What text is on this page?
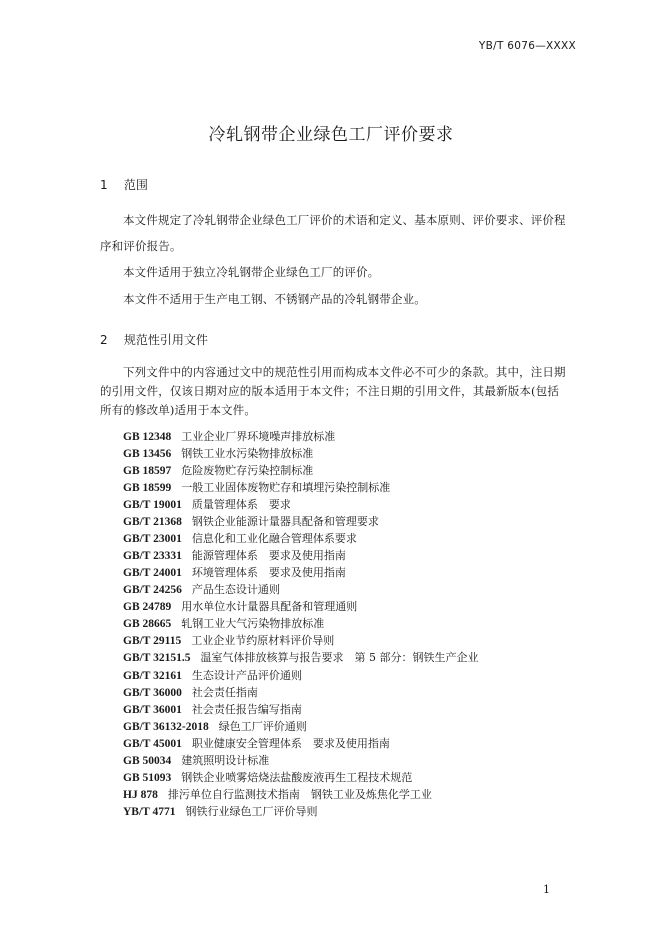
YB/T 6076—XXXX
冷轧钢带企业绿色工厂评价要求
1 范围
本文件规定了冷轧钢带企业绿色工厂评价的术语和定义、基本原则、评价要求、评价程
序和评价报告。
本文件适用于独立冷轧钢带企业绿色工厂的评价。
本文件不适用于生产电工钢、不锈钢产品的冷轧钢带企业。
2 规范性引用文件
下列文件中的内容通过文中的规范性引用而构成本文件必不可少的条款。其中，注日期
的引用文件，仅该日期对应的版本适用于本文件；不注日期的引用文件，其最新版本(包括
所有的修改单)适用于本文件。
GB 12348 工业企业厂界环境噪声排放标准
GB 13456 钢铁工业水污染物排放标准
GB 18597 危险废物贮存污染控制标准
GB 18599 一般工业固体废物贮存和填埋污染控制标准
GB/T 19001 质量管理体系　要求
GB/T 21368 钢铁企业能源计量器具配备和管理要求
GB/T 23001 信息化和工业化融合管理体系要求
GB/T 23331 能源管理体系　要求及使用指南
GB/T 24001 环境管理体系　要求及使用指南
GB/T 24256 产品生态设计通则
GB 24789 用水单位水计量器具配备和管理通则
GB 28665 轧钢工业大气污染物排放标准
GB/T 29115 工业企业节约原材料评价导则
GB/T 32151.5 温室气体排放核算与报告要求　第 5 部分：钢铁生产企业
GB/T 32161 生态设计产品评价通则
GB/T 36000 社会责任指南
GB/T 36001 社会责任报告编写指南
GB/T 36132-2018 绿色工厂评价通则
GB/T 45001 职业健康安全管理体系　要求及使用指南
GB 50034 建筑照明设计标准
GB 51093 钢铁企业喷雾焙烧法盐酸废液再生工程技术规范
HJ 878 排污单位自行监测技术指南　钢铁工业及炼焦化学工业
YB/T 4771 钢铁行业绿色工厂评价导则
1
